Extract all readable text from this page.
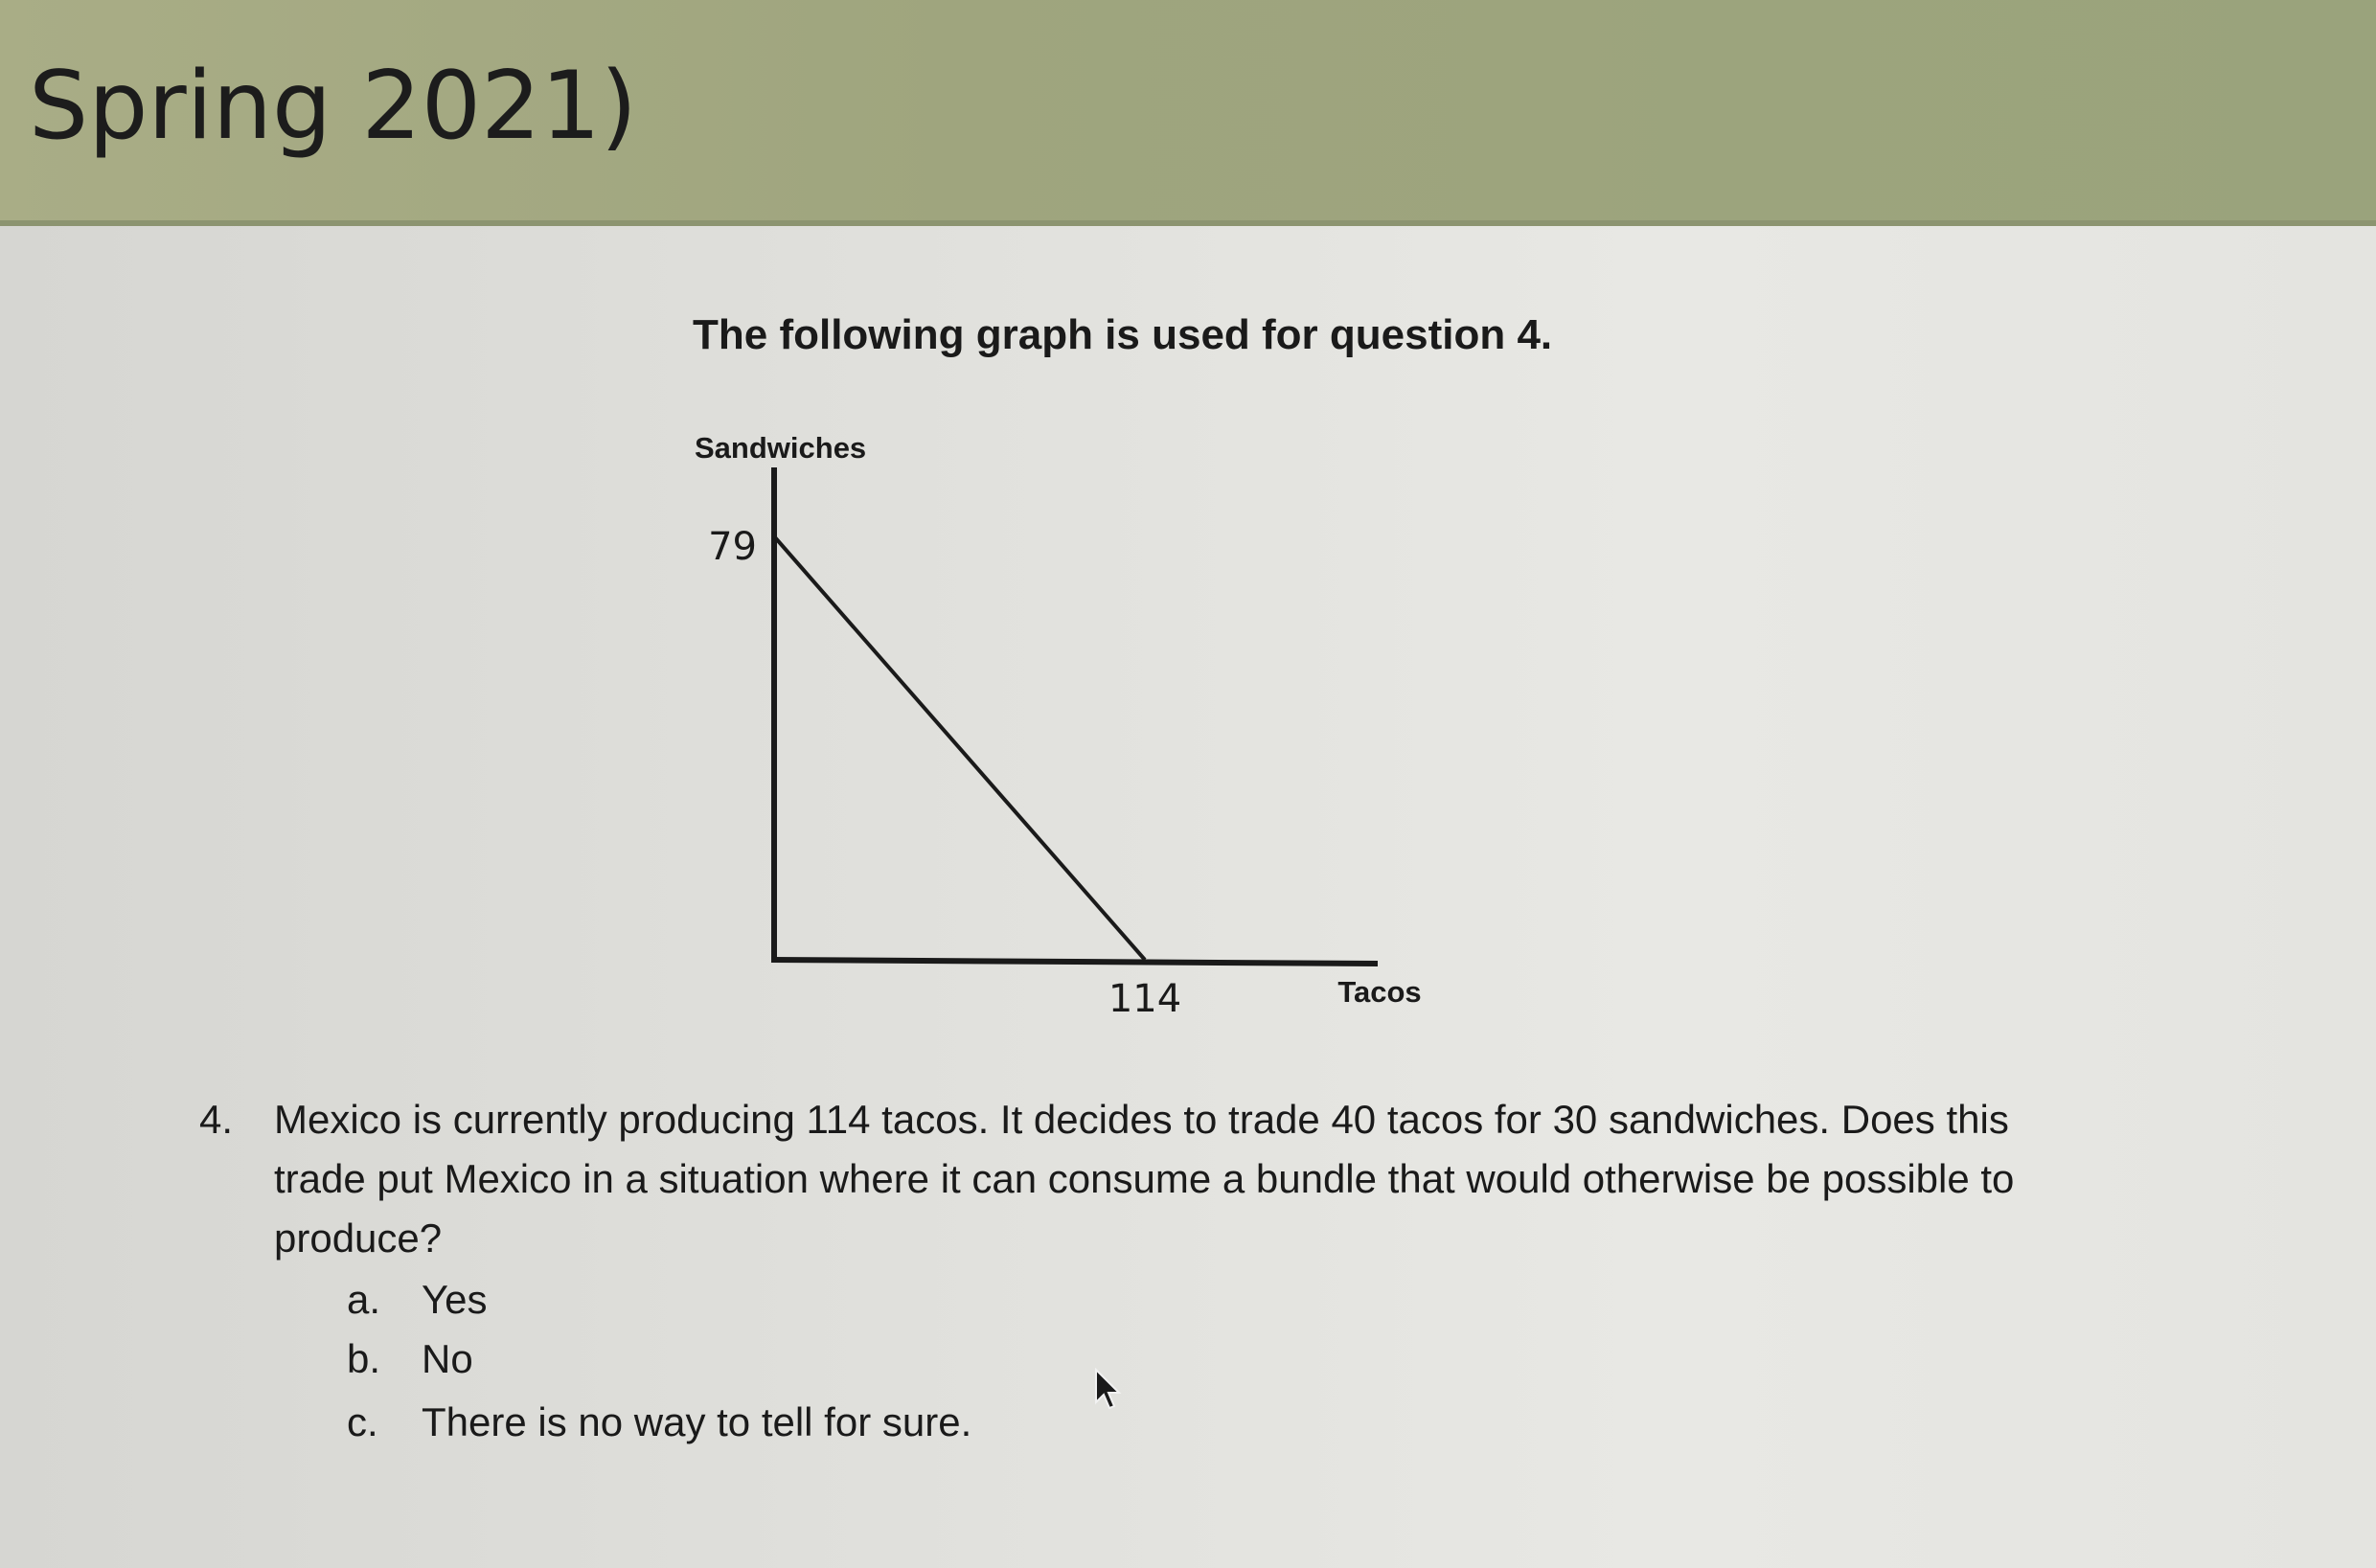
Spring 2021)
The following graph is used for question 4.
Sandwiches
79
114	Tacos
4. Mexico is currently producing 114 tacos. It decides to trade 40 tacos for 30 sandwiches. Does this trade put Mexico in a situation where it can consume a bundle that would otherwise be possible to produce?
a. Yes
b. No
c. There is no way to tell for sure.
